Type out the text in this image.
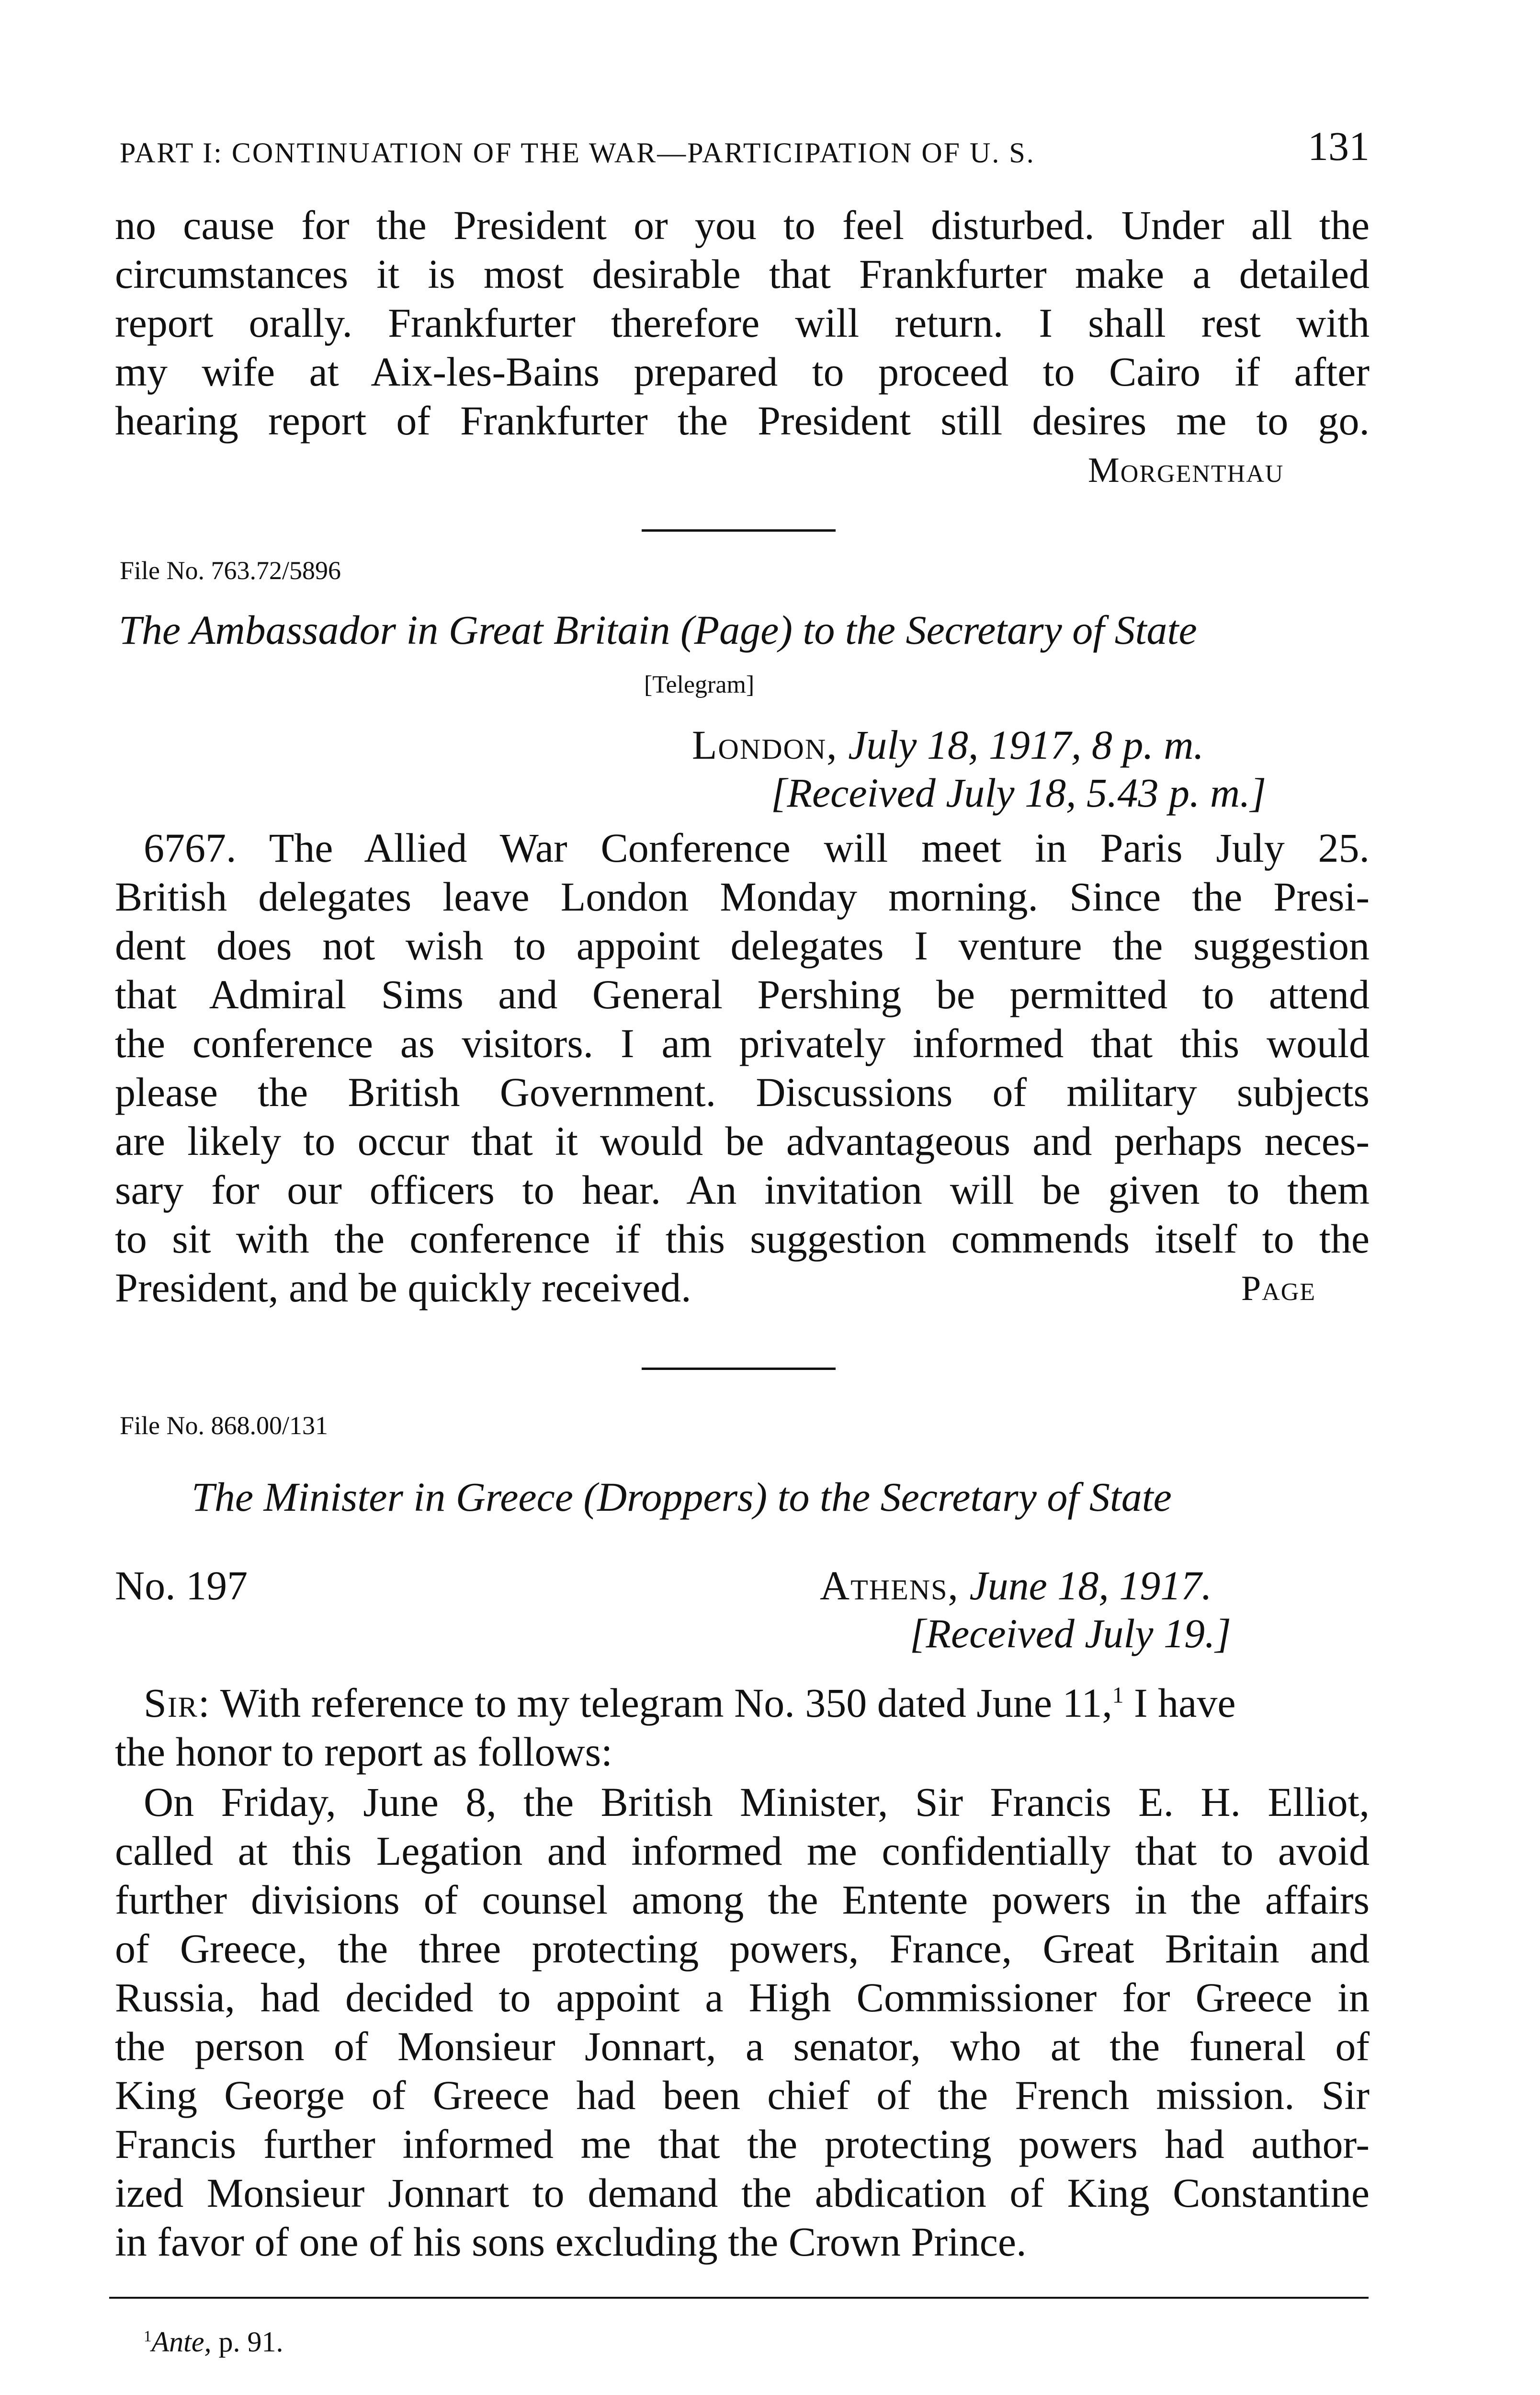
PART I: CONTINUATION OF THE WAR—PARTICIPATION OF U. S.	131
no cause for the President or you to feel disturbed. Under all the
circumstances it is most desirable that Frankfurter make a detailed
report orally. Frankfurter therefore will return. I shall rest with
my wife at Aix-les-Bains prepared to proceed to Cairo if after
hearing report of Frankfurter the President still desires me to go.
Morgenthau
File No. 763.72/5896
The Ambassador in Great Britain (Page) to the Secretary of State
[Telegram]
London, July 18, 1917, 8 p. m.
[Received July 18, 5.43 p. m.]
6767. The Allied War Conference will meet in Paris July 25.
British delegates leave London Monday morning. Since the Presi-
dent does not wish to appoint delegates I venture the suggestion
that Admiral Sims and General Pershing be permitted to attend
the conference as visitors. I am privately informed that this would
please the British Government. Discussions of military subjects
are likely to occur that it would be advantageous and perhaps neces-
sary for our officers to hear. An invitation will be given to them
to sit with the conference if this suggestion commends itself to the
President, and be quickly received.	Page
File No. 868.00/131
The Minister in Greece (Droppers) to the Secretary of State
No. 197	Athens, June 18, 1917.
[Received July 19.]
Sir: With reference to my telegram No. 350 dated June 11,$^1$ I have
the honor to report as follows:
On Friday, June 8, the British Minister, Sir Francis E. H. Elliot,
called at this Legation and informed me confidentially that to avoid
further divisions of counsel among the Entente powers in the affairs
of Greece, the three protecting powers, France, Great Britain and
Russia, had decided to appoint a High Commissioner for Greece in
the person of Monsieur Jonnart, a senator, who at the funeral of
King George of Greece had been chief of the French mission. Sir
Francis further informed me that the protecting powers had author-
ized Monsieur Jonnart to demand the abdication of King Constantine
in favor of one of his sons excluding the Crown Prince.
$^1$Ante, p. 91.
